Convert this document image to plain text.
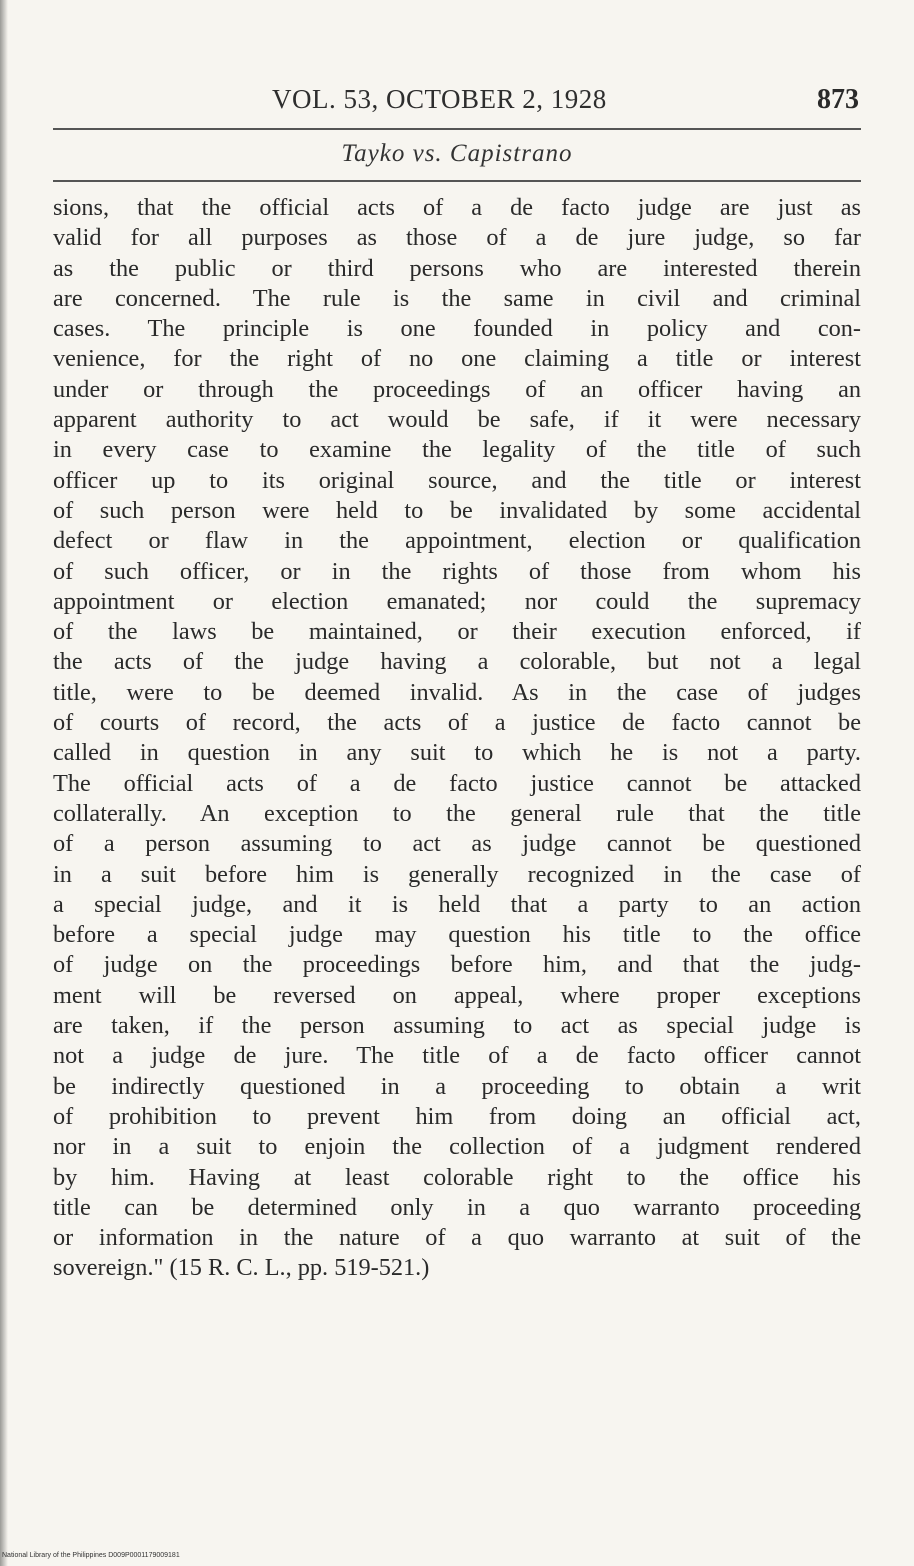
VOL. 53, OCTOBER 2, 1928	873
Tayko vs. Capistrano
sions, that the official acts of a de facto judge are just as
valid for all purposes as those of a de jure judge, so far
as the public or third persons who are interested therein
are concerned. The rule is the same in civil and criminal
cases. The principle is one founded in policy and con-
venience, for the right of no one claiming a title or interest
under or through the proceedings of an officer having an
apparent authority to act would be safe, if it were necessary
in every case to examine the legality of the title of such
officer up to its original source, and the title or interest
of such person were held to be invalidated by some accidental
defect or flaw in the appointment, election or qualification
of such officer, or in the rights of those from whom his
appointment or election emanated; nor could the supremacy
of the laws be maintained, or their execution enforced, if
the acts of the judge having a colorable, but not a legal
title, were to be deemed invalid. As in the case of judges
of courts of record, the acts of a justice de facto cannot be
called in question in any suit to which he is not a party.
The official acts of a de facto justice cannot be attacked
collaterally. An exception to the general rule that the title
of a person assuming to act as judge cannot be questioned
in a suit before him is generally recognized in the case of
a special judge, and it is held that a party to an action
before a special judge may question his title to the office
of judge on the proceedings before him, and that the judg-
ment will be reversed on appeal, where proper exceptions
are taken, if the person assuming to act as special judge is
not a judge de jure. The title of a de facto officer cannot
be indirectly questioned in a proceeding to obtain a writ
of prohibition to prevent him from doing an official act,
nor in a suit to enjoin the collection of a judgment rendered
by him. Having at least colorable right to the office his
title can be determined only in a quo warranto proceeding
or information in the nature of a quo warranto at suit of the
sovereign." (15 R. C. L., pp. 519-521.)
National Library of the Philippines D009P0001179009181
